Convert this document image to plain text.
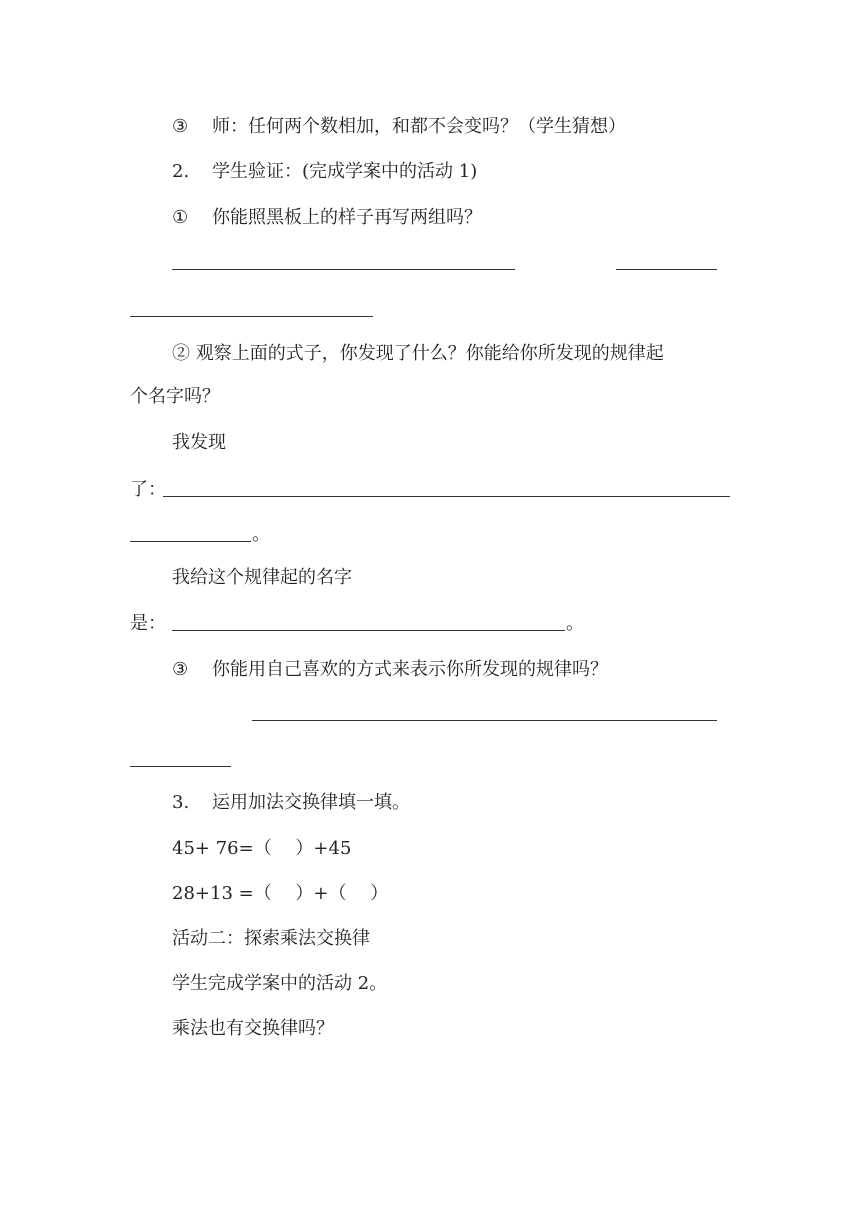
③ 师：任何两个数相加，和都不会变吗？（学生猜想）
2. 学生验证：(完成学案中的活动 1)
① 你能照黑板上的样子再写两组吗？
② 观察上面的式子，你发现了什么？你能给你所发现的规律起
个名字吗？
我发现
了：
。
我给这个规律起的名字
是：	。
③ 你能用自己喜欢的方式来表示你所发现的规律吗？
3. 运用加法交换律填一填。
45+ 76=（　 ）+45
28+13 =（　 ）+（　 ）
活动二：探索乘法交换律
学生完成学案中的活动 2。
乘法也有交换律吗？
